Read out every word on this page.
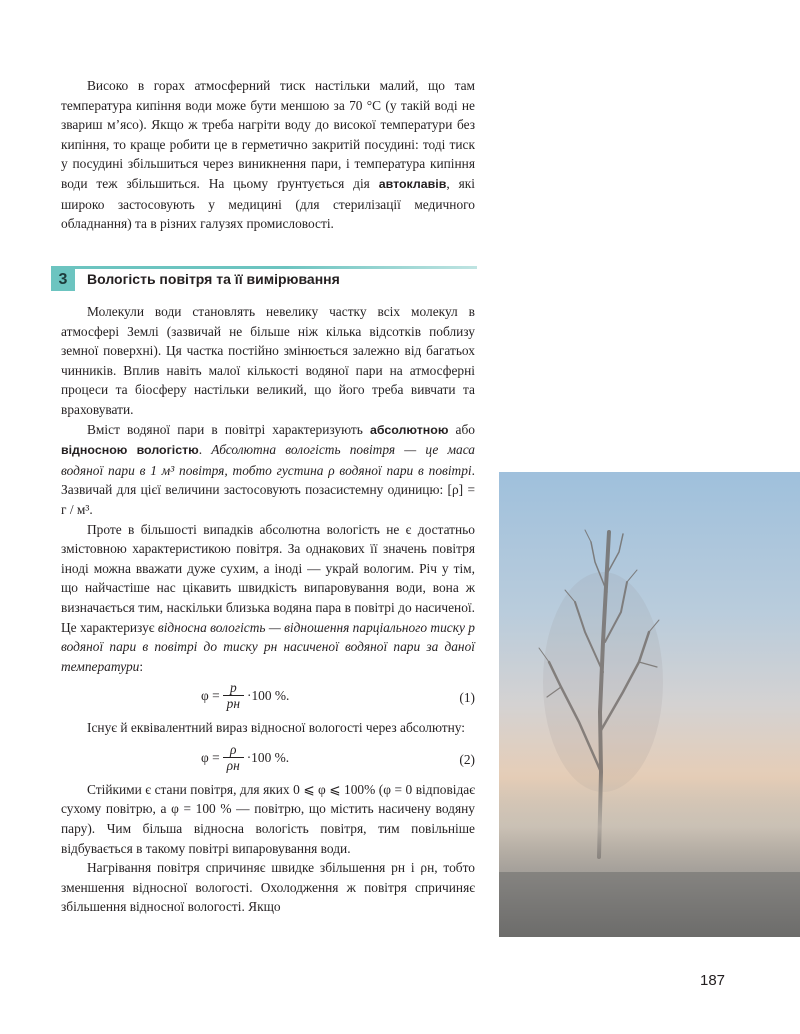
Високо в горах атмосферний тиск настільки малий, що там температура кипіння води може бути меншою за 70 °С (у такій воді не звариш м’ясо). Якщо ж треба нагріти воду до високої температури без кипіння, то краще робити це в герметично закритій посудині: тоді тиск у посудині збільшиться через виникнення пари, і температура кипіння води теж збільшиться. На цьому ґрунтується дія автоклавів, які широко застосовують у медицині (для стерилізації медичного обладнання) та в різних галузях промисловості.

3	Вологість повітря та її вимірювання

Молекули води становлять невелику частку всіх молекул в атмосфері Землі (зазвичай не більше ніж кілька відсотків поблизу земної поверхні). Ця частка постійно змінюється залежно від багатьох чинників. Вплив навіть малої кількості водяної пари на атмосферні процеси та біосферу настільки великий, що його треба вивчати та враховувати.

Вміст водяної пари в повітрі характеризують абсолютною або відносною вологістю. Абсолютна вологість повітря — це маса водяної пари в 1 м³ повітря, тобто густина ρ водяної пари в повітрі. Зазвичай для цієї величини застосовують позасистемну одиницю: [ρ] = г / м³.

Проте в більшості випадків абсолютна вологість не є достатньо змістовною характеристикою повітря. За однакових її значень повітря іноді можна вважати дуже сухим, а іноді — украй вологим. Річ у тім, що найчастіше нас цікавить швидкість випаровування води, вона ж визначається тим, наскільки близька водяна пара в повітрі до насиченої. Це характеризує відносна вологість — відношення парціального тиску p водяної пари в повітрі до тиску pн насиченої водяної пари за даної температури:

$\varphi = \frac{p}{pн} \cdot 100$ %.	(1)

Існує й еквівалентний вираз відносної вологості через абсолютну:

$\varphi = \frac{\rho}{\rho н} \cdot 100$ %.	(2)

Стійкими є стани повітря, для яких 0 ⩽ φ ⩽ 100% (φ = 0 відповідає сухому повітрю, а φ = 100 % — повітрю, що містить насичену водяну пару). Чим більша відносна вологість повітря, тим повільніше відбувається в такому повітрі випаровування води.

Нагрівання повітря спричиняє швидке збільшення pн і ρн, тобто зменшення відносної вологості. Охолодження ж повітря спричиняє збільшення відносної вологості. Якщо

187
